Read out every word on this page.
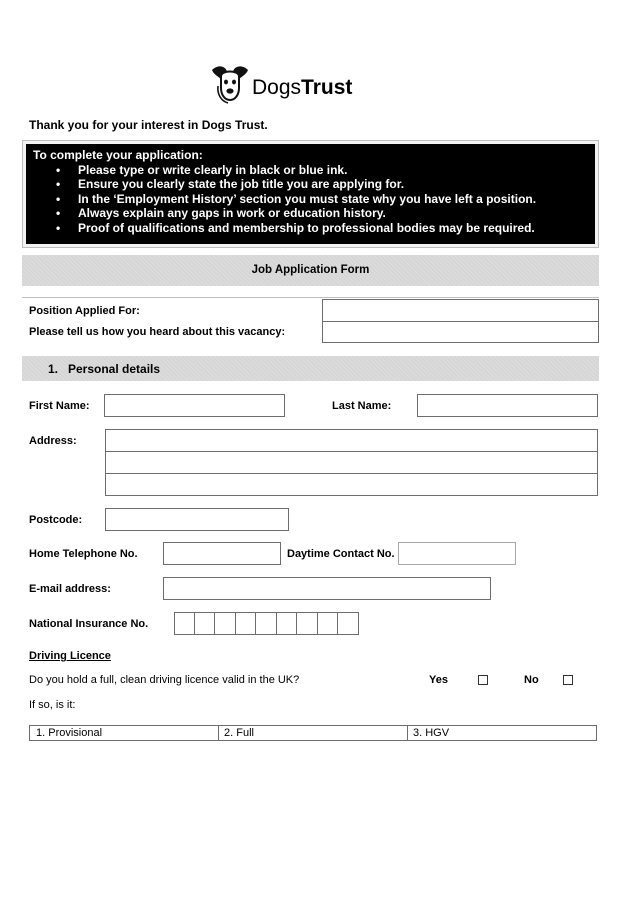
DogsTrust
Thank you for your interest in Dogs Trust.
To complete your application:
• Please type or write clearly in black or blue ink.
• Ensure you clearly state the job title you are applying for.
• In the ‘Employment History’ section you must state why you have left a position.
• Always explain any gaps in work or education history.
• Proof of qualifications and membership to professional bodies may be required.
Job Application Form
Position Applied For:
Please tell us how you heard about this vacancy:
1. Personal details
First Name:	Last Name:
Address:
Postcode:
Home Telephone No.	Daytime Contact No.
E-mail address:
National Insurance No.
Driving Licence
Do you hold a full, clean driving licence valid in the UK?	Yes	No
If so, is it:
1. Provisional	2. Full	3. HGV
